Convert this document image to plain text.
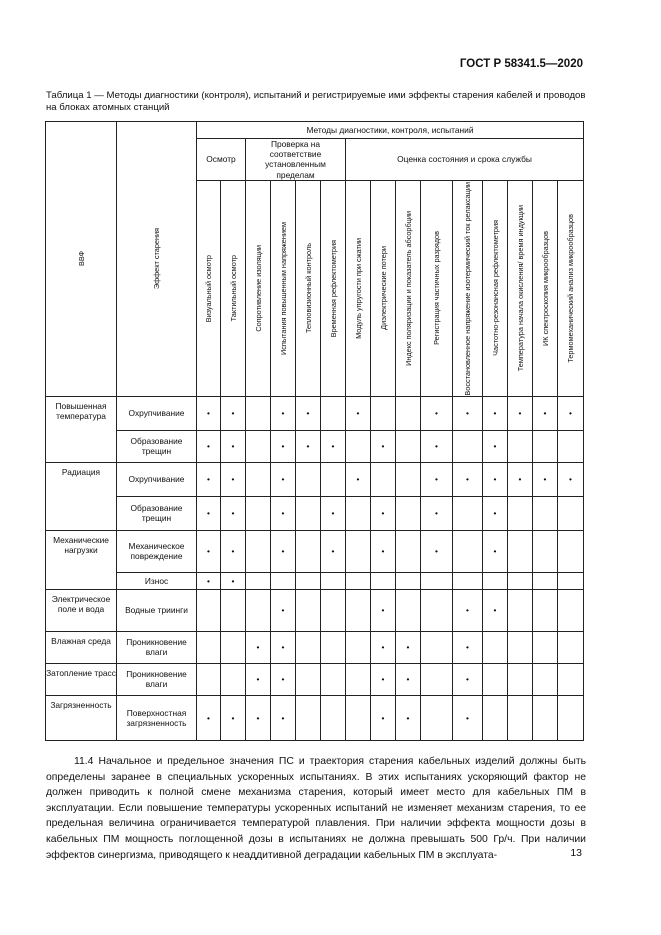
ГОСТ Р 58341.5—2020
Таблица 1 — Методы диагностики (контроля), испытаний и регистрируемые ими эффекты старения кабелей и проводов на блоках атомных станций
ВВФ	Эффект старения	Методы диагностики, контроля, испытаний														
		Осмотр		Проверка на соответствие установленным пределам				Оценка состояния и срока службы								

		Визуальный осмотр	Тактильный осмотр	Сопротивление изоляции	Испытания повышенным напряжением	Тепловизионный контроль	Временная рефлектометрия	Модуль упругости при сжатии	Диэлектрические потери	Индекс поляризации и показатель абсорбции	Регистрация частичных разрядов	Восстановленное напряжение изотермический ток релаксации	Частотно-резонансная рефлектометрия	Температура начала окисления/ время индукции	ИК спектроскопия микрообразцов	Термомеханический анализ микрообразцов

Повышенная температура	Охрупчивание	•	•		•	•		•			•	•	•	•	•	•
	Образование трещин	•	•		•	•	•		•		•		•			
Радиация	Охрупчивание	•	•		•			•			•	•	•	•	•	•
	Образование трещин	•	•		•		•		•		•		•			
Механические нагрузки	Механическое повреждение	•	•		•		•		•		•		•			
	Износ	•	•													
Электрическое поле и вода	Водные триинги				•				•			•	•			
Влажная среда	Проникновение влаги			•	•				•	•		•				
Затопление трасс	Проникновение влаги			•	•				•	•		•				
Загрязненность	Поверхностная загрязненность	•	•	•	•				•	•		•				

11.4 Начальное и предельное значения ПС и траектория старения кабельных изделий должны быть определены заранее в специальных ускоренных испытаниях. В этих испытаниях ускоряющий фактор не должен приводить к полной смене механизма старения, который имеет место для кабельных ПМ в эксплуатации. Если повышение температуры ускоренных испытаний не изменяет механизм старения, то ее предельная величина ограничивается температурой плавления. При наличии эффекта мощности дозы в кабельных ПМ мощность поглощенной дозы в испытаниях не должна превышать 500 Гр/ч. При наличии эффектов синергизма, приводящего к неаддитивной деградации кабельных ПМ в эксплуата-	13
